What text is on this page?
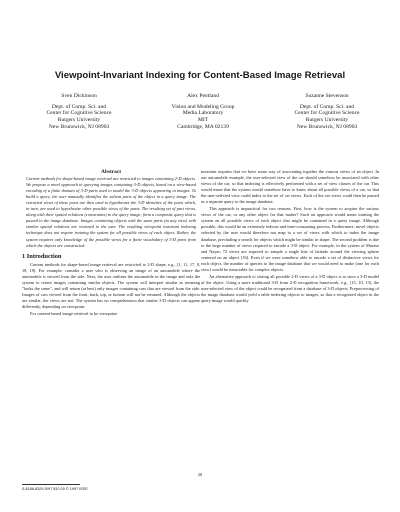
Viewpoint-Invariant Indexing for Content-Based Image Retrieval
Sven Dickinson
Dept. of Comp. Sci. and
Center for Cognitive Science
Rutgers University
New Brunswick, NJ 08903
Alex Pentland
Vision and Modeling Group
Media Laboratory
MIT
Cambridge, MA 02139
Suzanne Stevenson
Dept. of Comp. Sci. and
Center for Cognitive Science
Rutgers University
New Brunswick, NJ 08903
Abstract
Current methods for shape-based image retrieval are restricted to images containing 2-D objects. We propose a novel approach to querying images containing 3-D objects, based on a view-based encoding of a finite domain of 3-D parts used to model the 3-D objects appearing in images. To build a query, the user manually identifies the salient parts of the object in a query image. The extracted views of these parts are then used to hypothesize the 3-D identities of the parts which, in turn, are used to hypothesize other possible views of the parts. The resulting set of part views, along with their spatial relations (constraints) in the query image, form a composite query that is passed to the image database. Images containing objects with the same parts (in any view) with similar spatial relations are returned to the user. The resulting viewpoint invariant indexing technique does not require training the system for all possible views of each object. Rather, the system requires only knowledge of the possible views for a finite vocabulary of 3-D parts from which the objects are constructed.
1 Introduction

Current methods for shape-based image retrieval are restricted to 2-D shape, e.g., [1, 11, 17, 8, 18, 19]. For example, consider a user who is observing an image of an automobile where the automobile is viewed from the side. Next, the user outlines the automobile in the image and asks the system to return images containing similar objects. The system will interpret similar as meaning "looks the same", and will return (at best) only images containing cars that are viewed from the side. Images of cars viewed from the front, back, top, or bottom will not be returned. Although the objects are similar, the views are not. The system has no comprehension that similar 3-D objects can appear differently, depending on viewpoint.

For content-based image retrieval to be viewpoint-

invariant requires that we have some way of associating together the various views of an object. In our automobile example, the user-selected view of the car should somehow be associated with other views of the car, so that indexing is effectively performed with a set of view classes of the car. This would mean that the system would somehow have to know about all possible views of a car, so that the user-selected view could index to the set of car views. Each of the car views could then be passed as a separate query to the image database.

This approach is impractical for two reasons. First, how is the system to acquire the various views of the car, or any other object for that matter? Such an approach would mean training the system on all possible views of each object that might be contained in a query image. Although possible, this would be an extremely tedious and time-consuming process. Furthermore, novel objects selected by the user would therefore not map to a set of views with which to index the image database, precluding a search for objects which might be similar in shape. The second problem is due to the large number of views required to encode a 3-D object. For example, in the system of Murase and Nayar, 72 views are required to sample a single line of latitude around the viewing sphere centered on an object [16]. Even if we were somehow able to encode a set of distinctive views for each object, the number of queries to the image database that we would need to make (one for each view) would be intractable for complex objects.

An alternative approach to storing all possible 2-D views of a 3-D object is to store a 3-D model of the object. Using a more traditional 3-D from 2-D recognition framework, e.g., [15, 10, 13], the user-selected view of the object could be recognized from a database of 3-D objects. Preprocessing of the image database would yield a table indexing objects to images, so that a recognized object in the query image would quickly

20
0-8186-8329-5/97 $10.00 © 1997 IEEE
